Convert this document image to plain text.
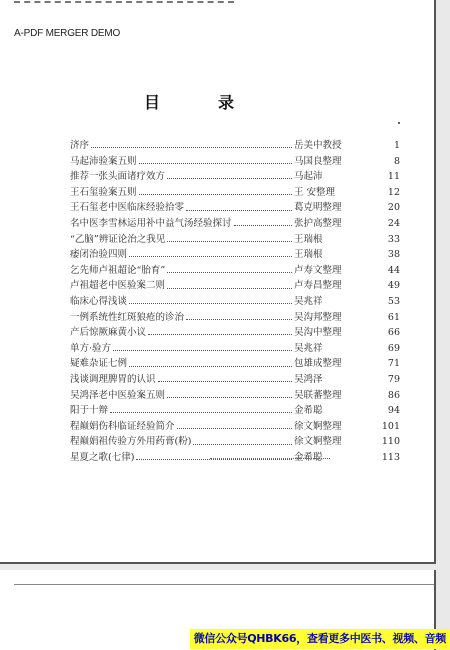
A-PDF MERGER DEMO
目录
济序	岳美中教授	1
马起沛验案五则	马国良整理	8
推荐一张头面诸疗效方	马起沛	11
王石玺验案五则	王 安整理	12
王石玺老中医临床经验拾零	葛克明整理	20
名中医李雪林运用补中益气汤经验探讨	张护高整理	24
“乙脑”辨证论治之我见	王瑞根	33
痿闭治验四则	王瑞根	38
乞先师卢祖超论“胎育”	卢寿文整理	44
卢祖超老中医验案二则	卢寿昌整理	49
临床心得浅谈	吴兆祥	53
一例系统性红斑狼疮的诊治	吴沟邦整理	61
产后惊厥麻黄小议	吴沟中整理	66
单方·验方	吴兆祥	69
疑难杂证七例	包雄成整理	71
浅谈调理脾胃的认识	吴鸿泽	79
吴鸿泽老中医验案五则	吴联蕃整理	86
阳于十辩	金希聪	94
程巅娟伤科临证经验简介	徐文婀整理	101
程巅娟祖传验方外用药膏(粉)	徐文婀整理	110
星夏之歌(七律)	金希聪	113
微信公众号QHBK66，查看更多中医书、视频、音频
